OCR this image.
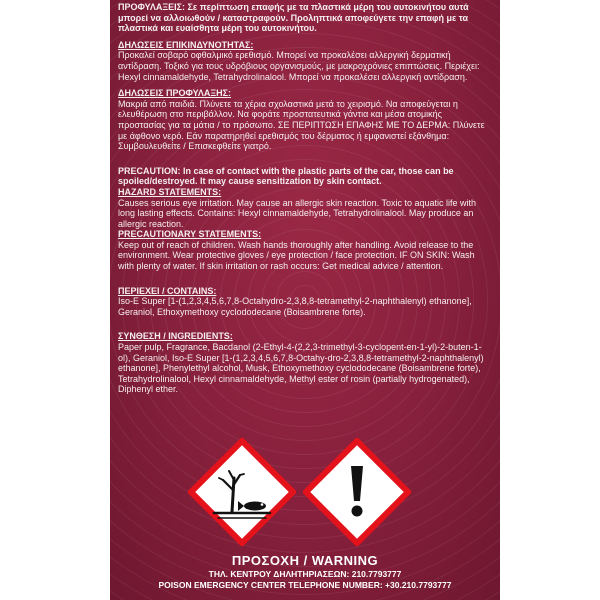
ΠΡΟΦΥΛΑΞΕΙΣ: Σε περίπτωση επαφής με τα πλαστικά μέρη του αυτοκινήτου αυτά μπορεί να αλλοιωθούν / καταστραφούν. Προληπτικά αποφεύγετε την επαφή με τα πλαστικά και ευαίσθητα μέρη του αυτοκινήτου.

ΔΗΛΩΣΕΙΣ ΕΠΙΚΙΝΔΥΝΟΤΗΤΑΣ:

Προκαλεί σοβαρό οφθαλμικό ερεθισμό. Μπορεί να προκαλέσει αλλεργική δερματική αντίδραση. Τοξικό για τους υδρόβιους οργανισμούς, με μακροχρόνιες επιπτώσεις. Περιέχει: Hexyl cinnamaldehyde, Tetrahydrolinalool. Μπορεί να προκαλέσει αλλεργική αντίδραση.

ΔΗΛΩΣΕΙΣ ΠΡΟΦΥΛΑΞΗΣ:

Μακριά από παιδιά. Πλύνετε τα χέρια σχολαστικά μετά το χειρισμό. Να αποφεύγεται η ελευθέρωση στο περιβάλλον. Να φοράτε προστατευτικά γάντια και μέσα ατομικής προστασίας για τα μάτια / το πρόσωπο. ΣΕ ΠΕΡΙΠΤΩΣΗ ΕΠΑΦΗΣ ΜΕ ΤΟ ΔΕΡΜΑ: Πλύνετε με άφθονο νερό. Εάν παρατηρηθεί ερεθισμός του δέρματος ή εμφανιστεί εξάνθημα: Συμβουλευθείτε / Επισκεφθείτε γιατρό.

PRECAUTION: In case of contact with the plastic parts of the car, those can be spoiled/destroyed. It may cause sensitization by skin contact.

HAZARD STATEMENTS:

Causes serious eye irritation. May cause an allergic skin reaction. Toxic to aquatic life with long lasting effects. Contains: Hexyl cinnamaldehyde, Tetrahydrolinalool. May produce an allergic reaction.

PRECAUTIONARY STATEMENTS:

Keep out of reach of children. Wash hands thoroughly after handling. Avoid release to the environment. Wear protective gloves / eye protection / face protection. IF ON SKIN: Wash with plenty of water. If skin irritation or rash occurs: Get medical advice / attention.

ΠΕΡΙΕΧΕΙ / CONTAINS:

Iso-E Super [1-(1,2,3,4,5,6,7,8-Octahydro-2,3,8,8-tetramethyl-2-naphthalenyl) ethanone], Geraniol, Ethoxymethoxy cyclododecane (Boisambrene forte).

ΣΥΝΘΕΣΗ / INGREDIENTS:

Paper pulp, Fragrance, Bacdanol (2-Ethyl-4-(2,2,3-trimethyl-3-cyclopent-en-1-yl)-2-buten-1-ol), Geraniol, Iso-E Super [1-(1,2,3,4,5,6,7,8-Octahy-dro-2,3,8,8-tetramethyl-2-naphthalenyl) ethanone], Phenylethyl alcohol, Musk, Ethoxymethoxy cyclododecane (Boisambrene forte), Tetrahydrolinalool, Hexyl cinnamaldehyde, Methyl ester of rosin (partially hydrogenated), Diphenyl ether.

ΠΡΟΣΟΧΗ / WARNING
ΤΗΛ. ΚΕΝΤΡΟΥ ΔΗΛΗΤΗΡΙΑΣΕΩΝ: 210.7793777
POISON EMERGENCY CENTER TELEPHONE NUMBER: +30.210.7793777
